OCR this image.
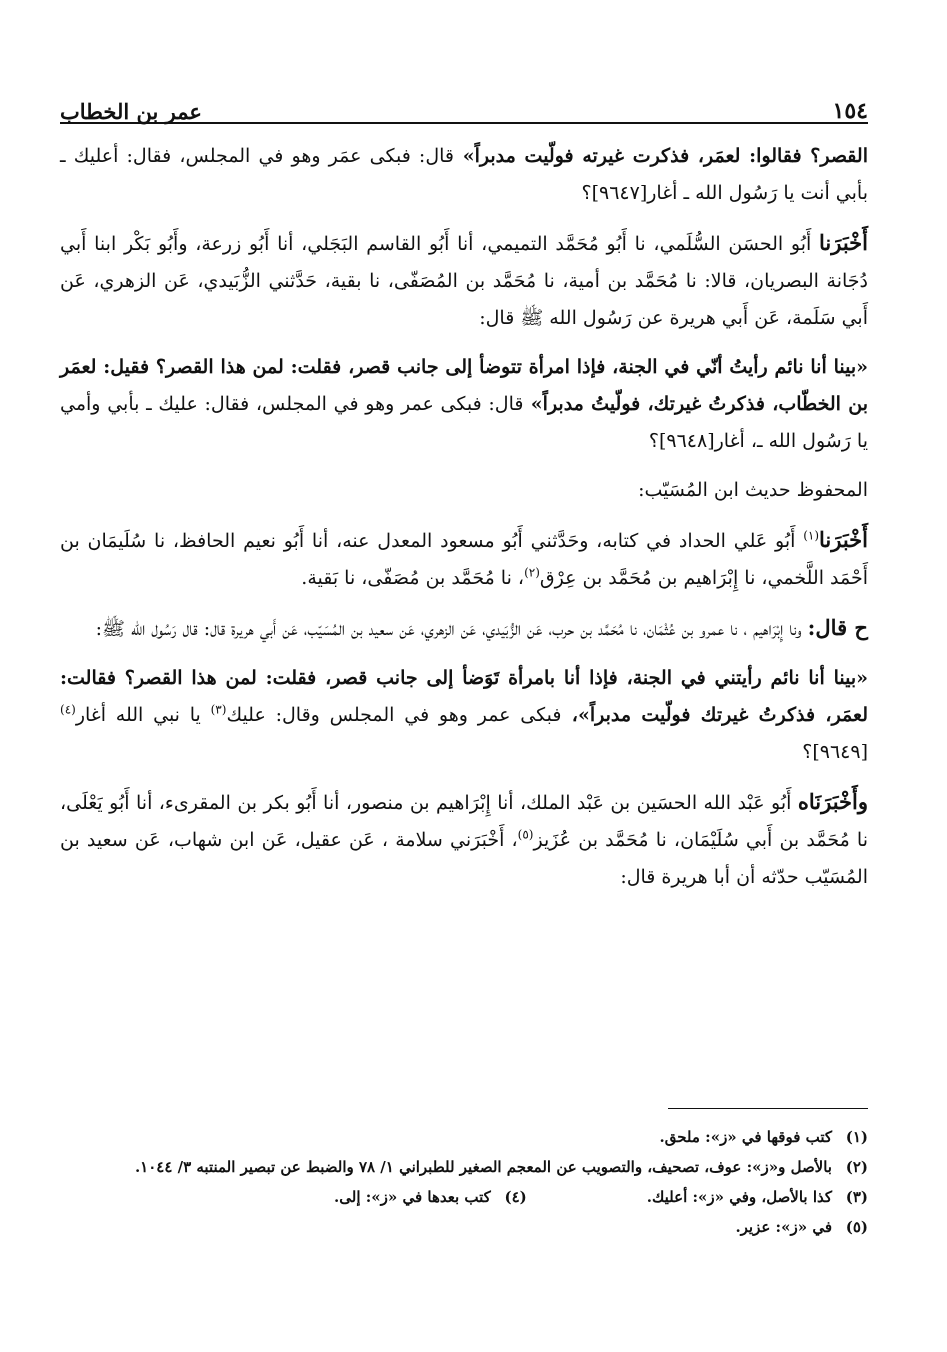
١٥٤
عمر بن الخطاب

القصر؟ فقالوا: لعمَر، فذكرت غيرته فولّيت مدبراً» قال: فبكى عمَر وهو في المجلس، فقال: أعليك ـ بأبي أنت يا رَسُول الله ـ أغار[٩٦٤٧]؟

أَخْبَرَنا أَبُو الحسَن السُّلَمي، نا أَبُو مُحَمَّد التميمي، أنا أَبُو القاسم البَجَلي، أنا أَبُو زرعة، وأَبُو بَكْر ابنا أَبي دُجَانة البصريان، قالا: نا مُحَمَّد بن أمية، نا مُحَمَّد بن المُصَفّى، نا بقية، حَدَّثني الزُّبَيدي، عَن الزهري، عَن أَبي سَلَمة، عَن أَبي هريرة عن رَسُول الله ﷺ قال:

«بينا أنا نائم رأيتُ أنّي في الجنة، فإذا امرأة تتوضأ إلى جانب قصر، فقلت: لمن هذا القصر؟ فقيل: لعمَر بن الخطّاب، فذكرتُ غيرتك، فولّيتُ مدبراً» قال: فبكى عمر وهو في المجلس، فقال: عليك ـ بأبي وأمي يا رَسُول الله ـ، أغار[٩٦٤٨]؟

المحفوظ حديث ابن المُسَيّب:

أَخْبَرَنا$^{(١)}$ أَبُو عَلي الحداد في كتابه، وحَدَّثني أَبُو مسعود المعدل عنه، أنا أَبُو نعيم الحافظ، نا سُلَيمَان بن أَحْمَد اللَّخمي، نا إِبْرَاهيم بن مُحَمَّد بن عِرْق$^{(٢)}$، نا مُحَمَّد بن مُصَفّى، نا بَقية.

ح قال: ونا إِبْرَاهيم ، نا عمرو بن عُثْمَان، نا مُحَمَّد بن حرب، عَن الزُّبَيدي، عَن الزهري، عَن سعيد بن المُسَيّب، عَن أَبي هريرة قال: قال رَسُول الله ﷺ:

«بينا أنا نائم رأيتني في الجنة، فإذا أنا بامرأة تَوَضأ إلى جانب قصر، فقلت: لمن هذا القصر؟ فقالت: لعمَر، فذكرتُ غيرتك فولّيت مدبراً»، فبكى عمر وهو في المجلس وقال: عليك$^{(٣)}$ يا نبي الله أغار$^{(٤)}$[٩٦٤٩]؟

وأَخْبَرَنَاه أَبُو عَبْد الله الحسَين بن عَبْد الملك، أنا إِبْرَاهيم بن منصور، أنا أَبُو بكر بن المقرىء، أنا أَبُو يَعْلَى، نا مُحَمَّد بن أَبي سُلَيْمَان، نا مُحَمَّد بن عُزَيز$^{(٥)}$، أَخْبَرَني سلامة ، عَن عقيل، عَن ابن شهاب، عَن سعيد بن المُسَيّب حدّثه أن أبا هريرة قال:

(١)
كتب فوقها في «ز»: ملحق.
(٢)
بالأصل و«ز»: عوف، تصحيف، والتصويب عن المعجم الصغير للطبراني ١/ ٧٨ والضبط عن تبصير المنتبه ٣/ ١٠٤٤.
(٣)
كذا بالأصل، وفي «ز»: أعليك.
(٤)
كتب بعدها في «ز»: إلى.
(٥)
في «ز»: عزير.
